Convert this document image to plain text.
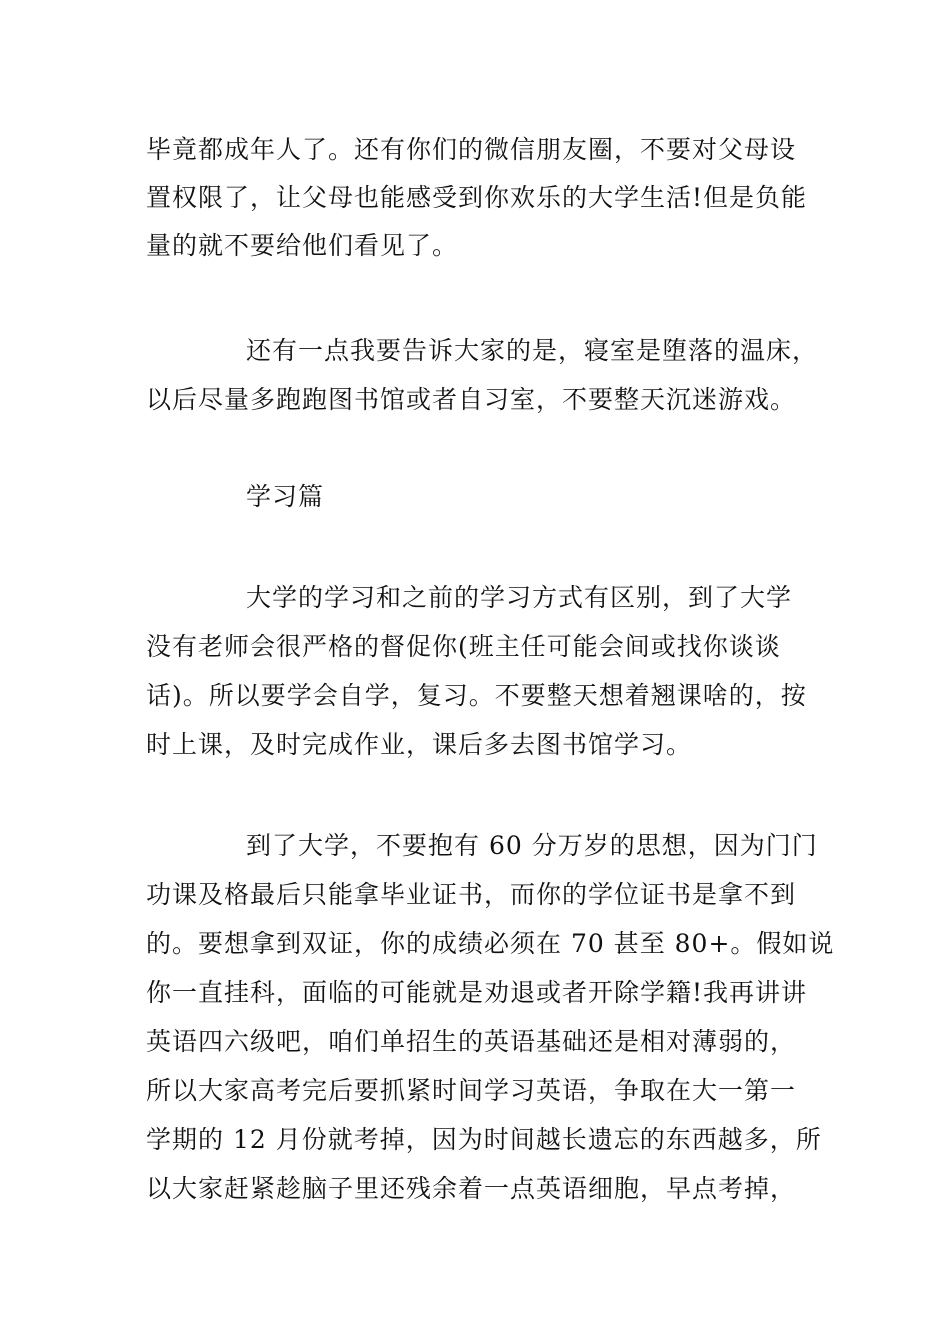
毕竟都成年人了。还有你们的微信朋友圈，不要对父母设
置权限了，让父母也能感受到你欢乐的大学生活!但是负能
量的就不要给他们看见了。
还有一点我要告诉大家的是，寝室是堕落的温床，
以后尽量多跑跑图书馆或者自习室，不要整天沉迷游戏。
学习篇
大学的学习和之前的学习方式有区别，到了大学
没有老师会很严格的督促你(班主任可能会间或找你谈谈
话)。所以要学会自学，复习。不要整天想着翘课啥的，按
时上课，及时完成作业，课后多去图书馆学习。
到了大学，不要抱有 60 分万岁的思想，因为门门
功课及格最后只能拿毕业证书，而你的学位证书是拿不到
的。要想拿到双证，你的成绩必须在 70 甚至 80+。假如说
你一直挂科，面临的可能就是劝退或者开除学籍!我再讲讲
英语四六级吧，咱们单招生的英语基础还是相对薄弱的，
所以大家高考完后要抓紧时间学习英语，争取在大一第一
学期的 12 月份就考掉，因为时间越长遗忘的东西越多，所
以大家赶紧趁脑子里还残余着一点英语细胞，早点考掉，
